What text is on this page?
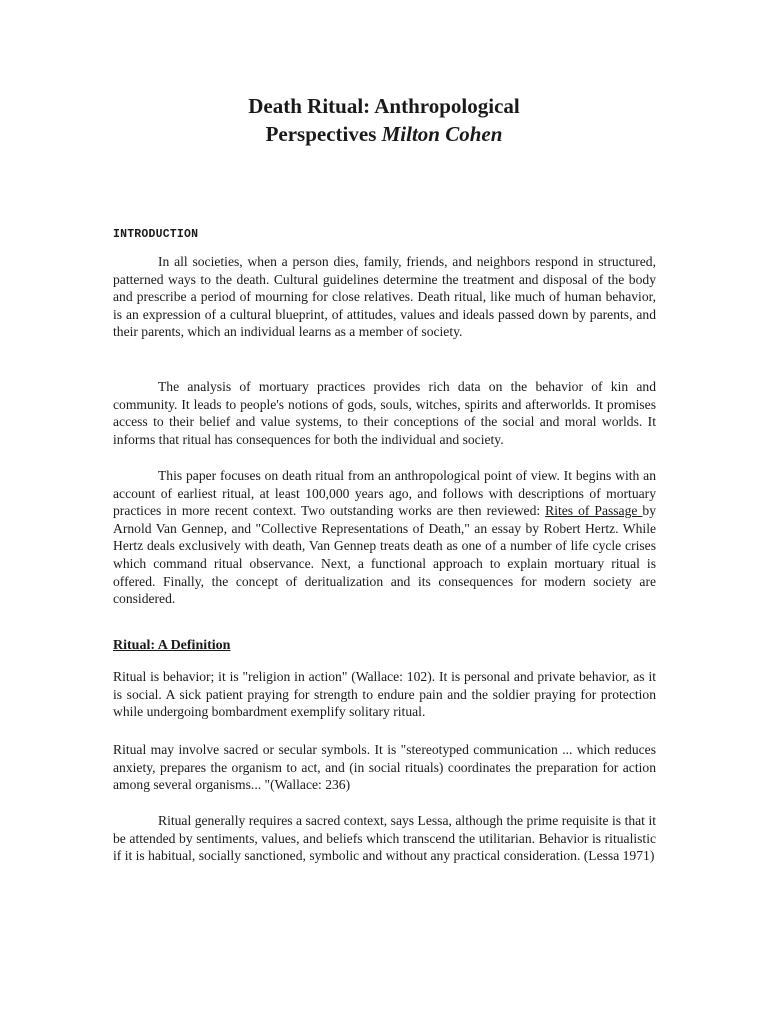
Death Ritual: Anthropological
Perspectives Milton Cohen
INTRODUCTION

In all societies, when a person dies, family, friends, and neighbors respond in structured, patterned ways to the death. Cultural guidelines determine the treatment and disposal of the body and prescribe a period of mourning for close relatives. Death ritual, like much of human behavior, is an expression of a cultural blueprint, of attitudes, values and ideals passed down by parents, and their parents, which an individual learns as a member of society.

The analysis of mortuary practices provides rich data on the behavior of kin and community. It leads to people's notions of gods, souls, witches, spirits and afterworlds. It promises access to their belief and value systems, to their conceptions of the social and moral worlds. It informs that ritual has consequences for both the individual and society.

This paper focuses on death ritual from an anthropological point of view. It begins with an account of earliest ritual, at least 100,000 years ago, and follows with descriptions of mortuary practices in more recent context. Two outstanding works are then reviewed: Rites of Passage by Arnold Van Gennep, and "Collective Representations of Death," an essay by Robert Hertz. While Hertz deals exclusively with death, Van Gennep treats death as one of a number of life cycle crises which command ritual observance. Next, a functional approach to explain mortuary ritual is offered. Finally, the concept of deritualization and its consequences for modern society are considered.

Ritual: A Definition

Ritual is behavior; it is "religion in action" (Wallace: 102). It is personal and private behavior, as it is social. A sick patient praying for strength to endure pain and the soldier praying for protection while undergoing bombardment exemplify solitary ritual.

Ritual may involve sacred or secular symbols. It is "stereotyped communication ... which reduces anxiety, prepares the organism to act, and (in social rituals) coordinates the preparation for action among several organisms... "(Wallace: 236)

Ritual generally requires a sacred context, says Lessa, although the prime requisite is that it be attended by sentiments, values, and beliefs which transcend the utilitarian. Behavior is ritualistic if it is habitual, socially sanctioned, symbolic and without any practical consideration. (Lessa 1971)
